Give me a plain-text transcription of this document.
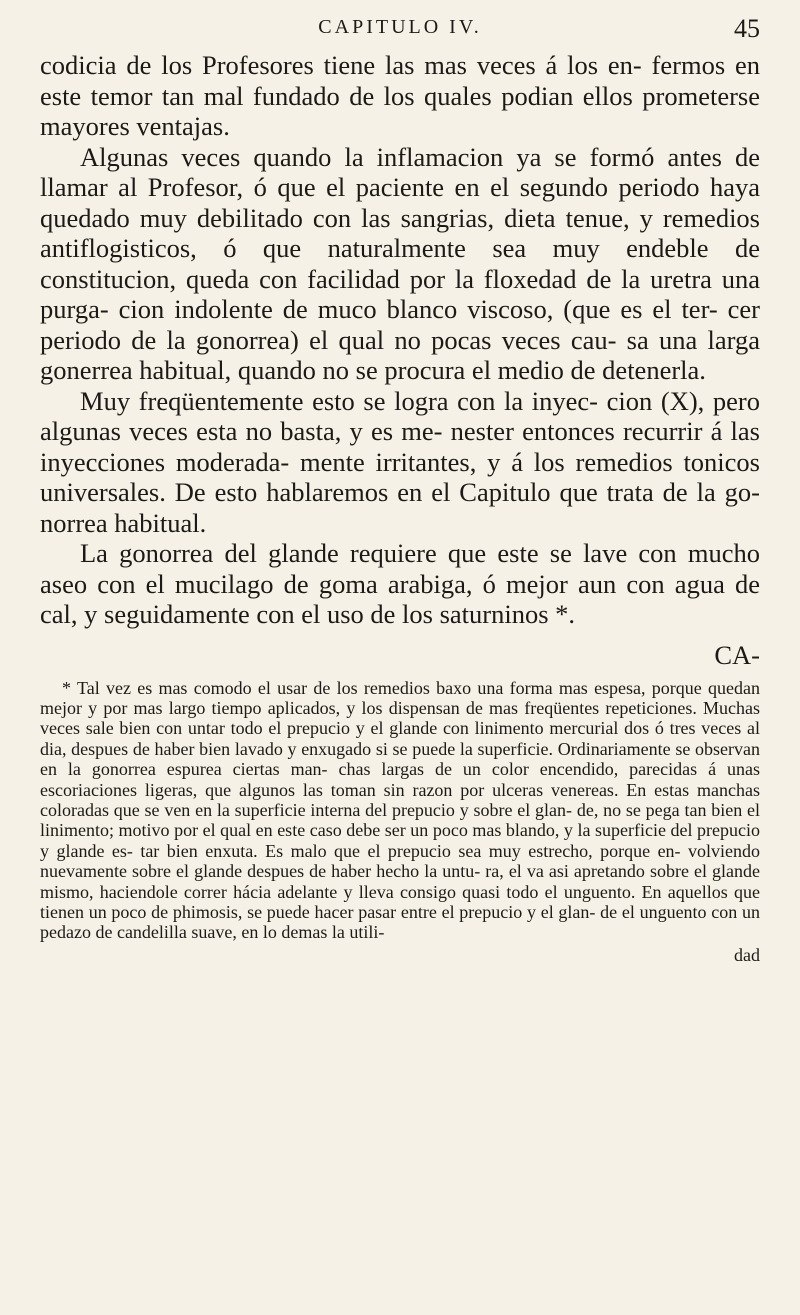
CAPITULO IV.	45

codicia de los Profesores tiene las mas veces á los en- fermos en este temor tan mal fundado de los quales podian ellos prometerse mayores ventajas.

Algunas veces quando la inflamacion ya se formó antes de llamar al Profesor, ó que el paciente en el segundo periodo haya quedado muy debilitado con las sangrias, dieta tenue, y remedios antiflogisticos, ó que naturalmente sea muy endeble de constitucion, queda con facilidad por la floxedad de la uretra una purga- cion indolente de muco blanco viscoso, (que es el ter- cer periodo de la gonorrea) el qual no pocas veces cau- sa una larga gonerrea habitual, quando no se procura el medio de detenerla.

Muy freqüentemente esto se logra con la inyec- cion (X), pero algunas veces esta no basta, y es me- nester entonces recurrir á las inyecciones moderada- mente irritantes, y á los remedios tonicos universales. De esto hablaremos en el Capitulo que trata de la go- norrea habitual.

La gonorrea del glande requiere que este se lave con mucho aseo con el mucilago de goma arabiga, ó mejor aun con agua de cal, y seguidamente con el uso de los saturninos *.

CA-
* Tal vez es mas comodo el usar de los remedios baxo una forma mas espesa, porque quedan mejor y por mas largo tiempo aplicados, y los dispensan de mas freqüentes repeticiones. Muchas veces sale bien con untar todo el prepucio y el glande con linimento mercurial dos ó tres veces al dia, despues de haber bien lavado y enxugado si se puede la superficie. Ordinariamente se observan en la gonorrea espurea ciertas man- chas largas de un color encendido, parecidas á unas escoriaciones ligeras, que algunos las toman sin razon por ulceras venereas. En estas manchas coloradas que se ven en la superficie interna del prepucio y sobre el glan- de, no se pega tan bien el linimento; motivo por el qual en este caso debe ser un poco mas blando, y la superficie del prepucio y glande es- tar bien enxuta. Es malo que el prepucio sea muy estrecho, porque en- volviendo nuevamente sobre el glande despues de haber hecho la untu- ra, el va asi apretando sobre el glande mismo, haciendole correr hácia adelante y lleva consigo quasi todo el unguento. En aquellos que tienen un poco de phimosis, se puede hacer pasar entre el prepucio y el glan- de el unguento con un pedazo de candelilla suave, en lo demas la utili-
dad
